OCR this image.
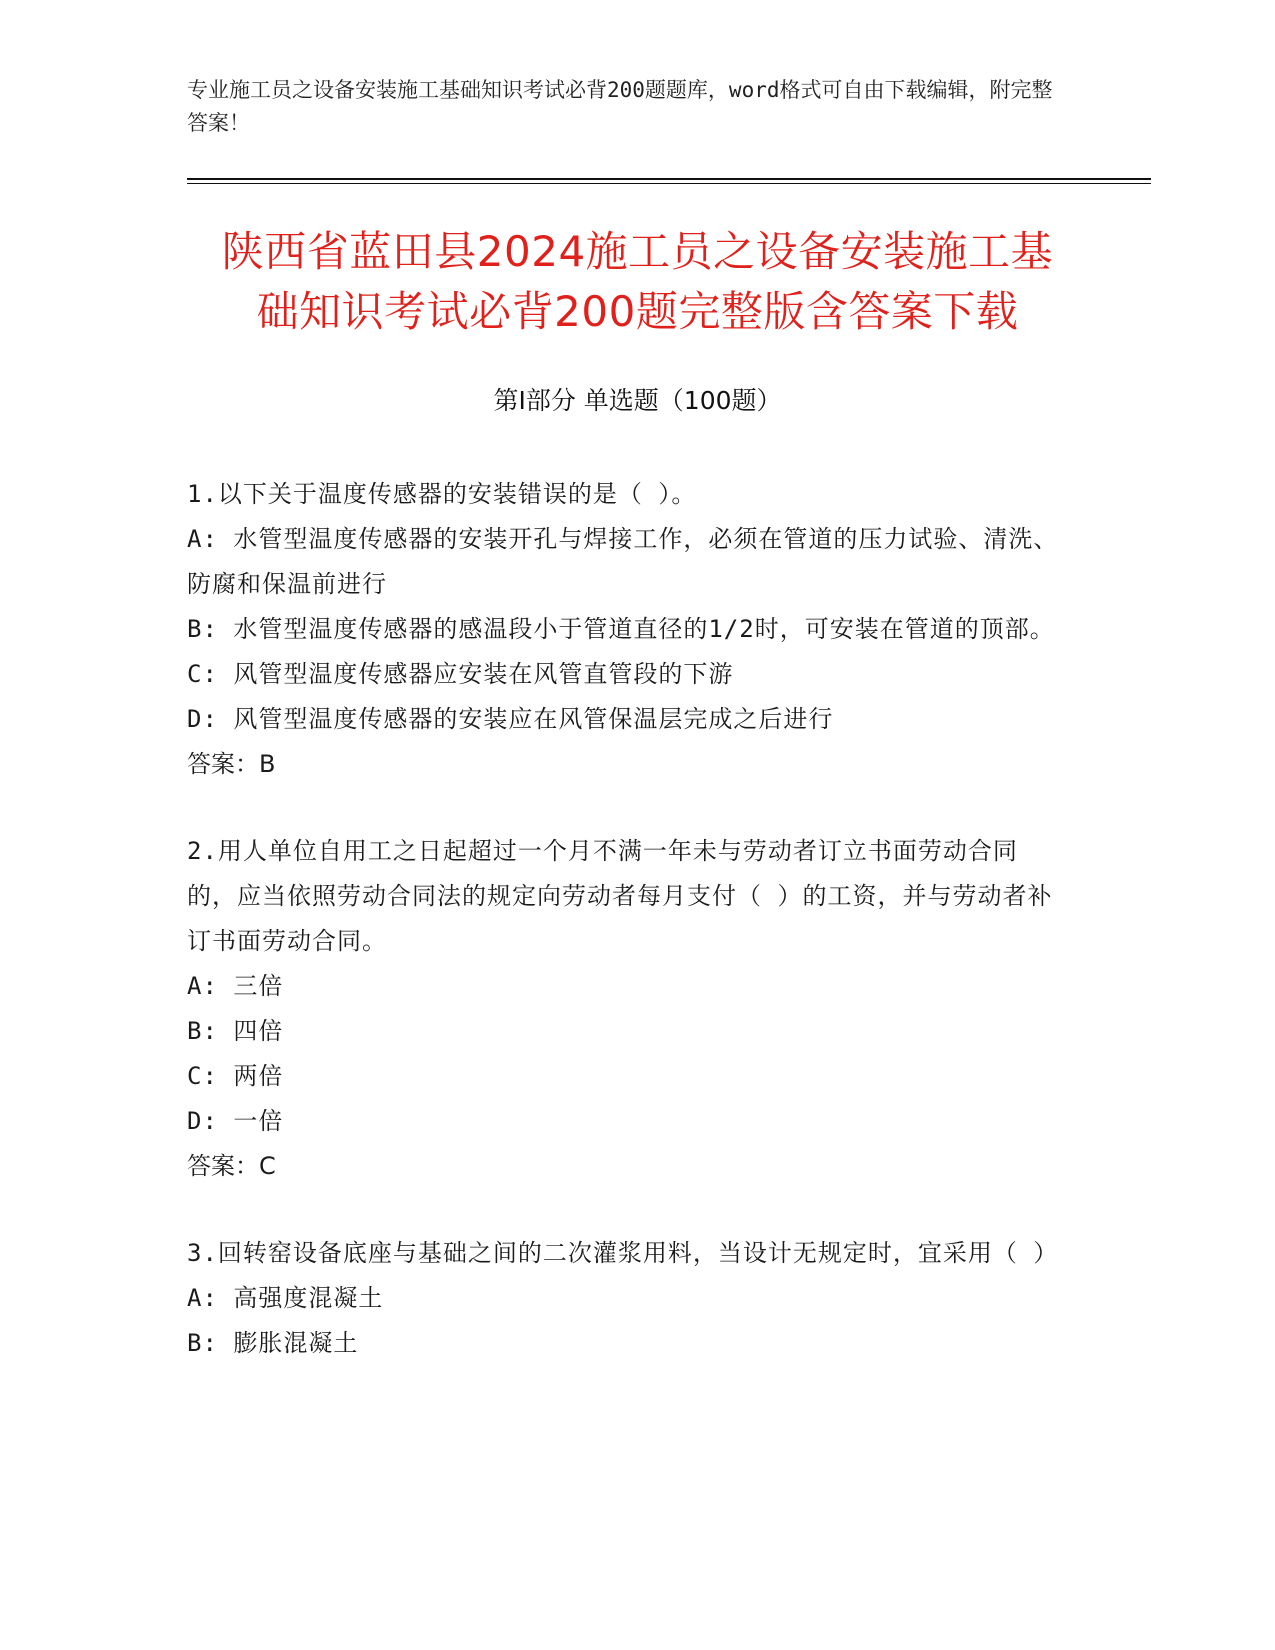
专业施工员之设备安装施工基础知识考试必背200题题库，word格式可自由下载编辑，附完整答案！
陕西省蓝田县2024施工员之设备安装施工基
础知识考试必背200题完整版含答案下载
第Ⅰ部分 单选题（100题）

1.以下关于温度传感器的安装错误的是（ ）。

A: 水管型温度传感器的安装开孔与焊接工作，必须在管道的压力试验、清洗、防腐和保温前进行

B: 水管型温度传感器的感温段小于管道直径的1/2时，可安装在管道的顶部。

C: 风管型温度传感器应安装在风管直管段的下游

D: 风管型温度传感器的安装应在风管保温层完成之后进行

答案：B

2.用人单位自用工之日起超过一个月不满一年未与劳动者订立书面劳动合同的，应当依照劳动合同法的规定向劳动者每月支付（ ）的工资，并与劳动者补订书面劳动合同。

A: 三倍

B: 四倍

C: 两倍

D: 一倍

答案：C

3.回转窑设备底座与基础之间的二次灌浆用料，当设计无规定时，宜采用（ ）

A: 高强度混凝土

B: 膨胀混凝土
